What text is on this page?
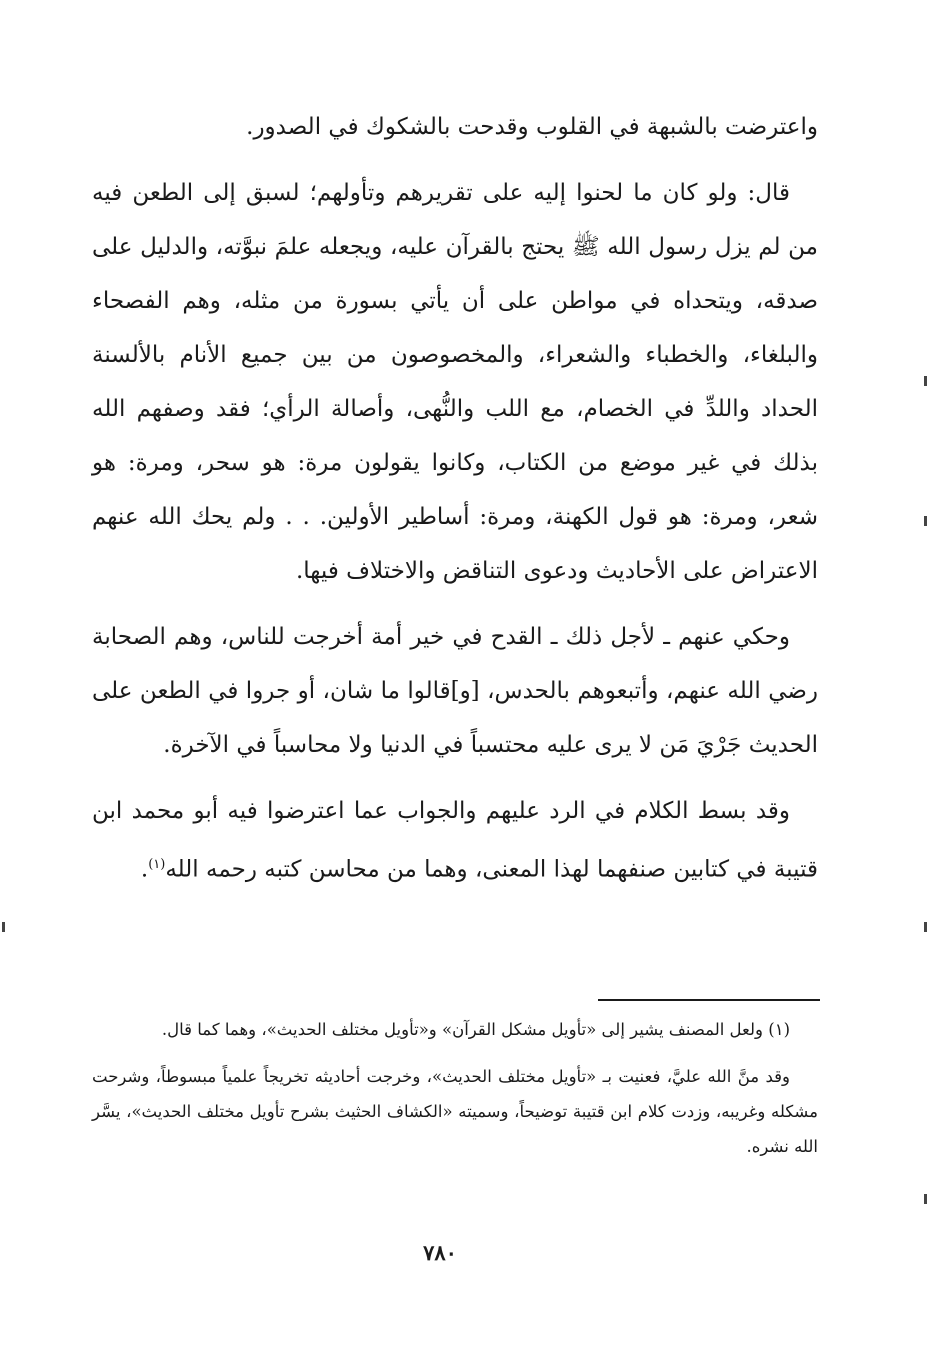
واعترضت بالشبهة في القلوب وقدحت بالشكوك في الصدور.

قال: ولو كان ما لحنوا إليه على تقريرهم وتأولهم؛ لسبق إلى الطعن فيه من لم يزل رسول الله ﷺ يحتج بالقرآن عليه، ويجعله علمَ نبوَّته، والدليل على صدقه، ويتحداه في مواطن على أن يأتي بسورة من مثله، وهم الفصحاء والبلغاء، والخطباء والشعراء، والمخصوصون من بين جميع الأنام بالألسنة الحداد واللدِّ في الخصام، مع اللب والنُّهى، وأصالة الرأي؛ فقد وصفهم الله بذلك في غير موضع من الكتاب، وكانوا يقولون مرة: هو سحر، ومرة: هو شعر، ومرة: هو قول الكهنة، ومرة: أساطير الأولين. . . ولم يحك الله عنهم الاعتراض على الأحاديث ودعوى التناقض والاختلاف فيها.

وحكي عنهم ـ لأجل ذلك ـ القدح في خير أمة أخرجت للناس، وهم الصحابة رضي الله عنهم، وأتبعوهم بالحدس، [و]قالوا ما شان، أو جروا في الطعن على الحديث جَرْيَ مَن لا يرى عليه محتسباً في الدنيا ولا محاسباً في الآخرة.

وقد بسط الكلام في الرد عليهم والجواب عما اعترضوا فيه أبو محمد ابن قتيبة في كتابين صنفهما لهذا المعنى، وهما من محاسن كتبه رحمه الله$^{(١)}$.

(١) ولعل المصنف يشير إلى «تأويل مشكل القرآن» و«تأويل مختلف الحديث»، وهما كما قال.

وقد منَّ الله عليَّ، فعنيت بـ «تأويل مختلف الحديث»، وخرجت أحاديثه تخريجاً علمياً مبسوطاً، وشرحت مشكله وغريبه، وزدت كلام ابن قتيبة توضيحاً، وسميته «الكشاف الحثيث بشرح تأويل مختلف الحديث»، يسَّر الله نشره.

٧٨٠
